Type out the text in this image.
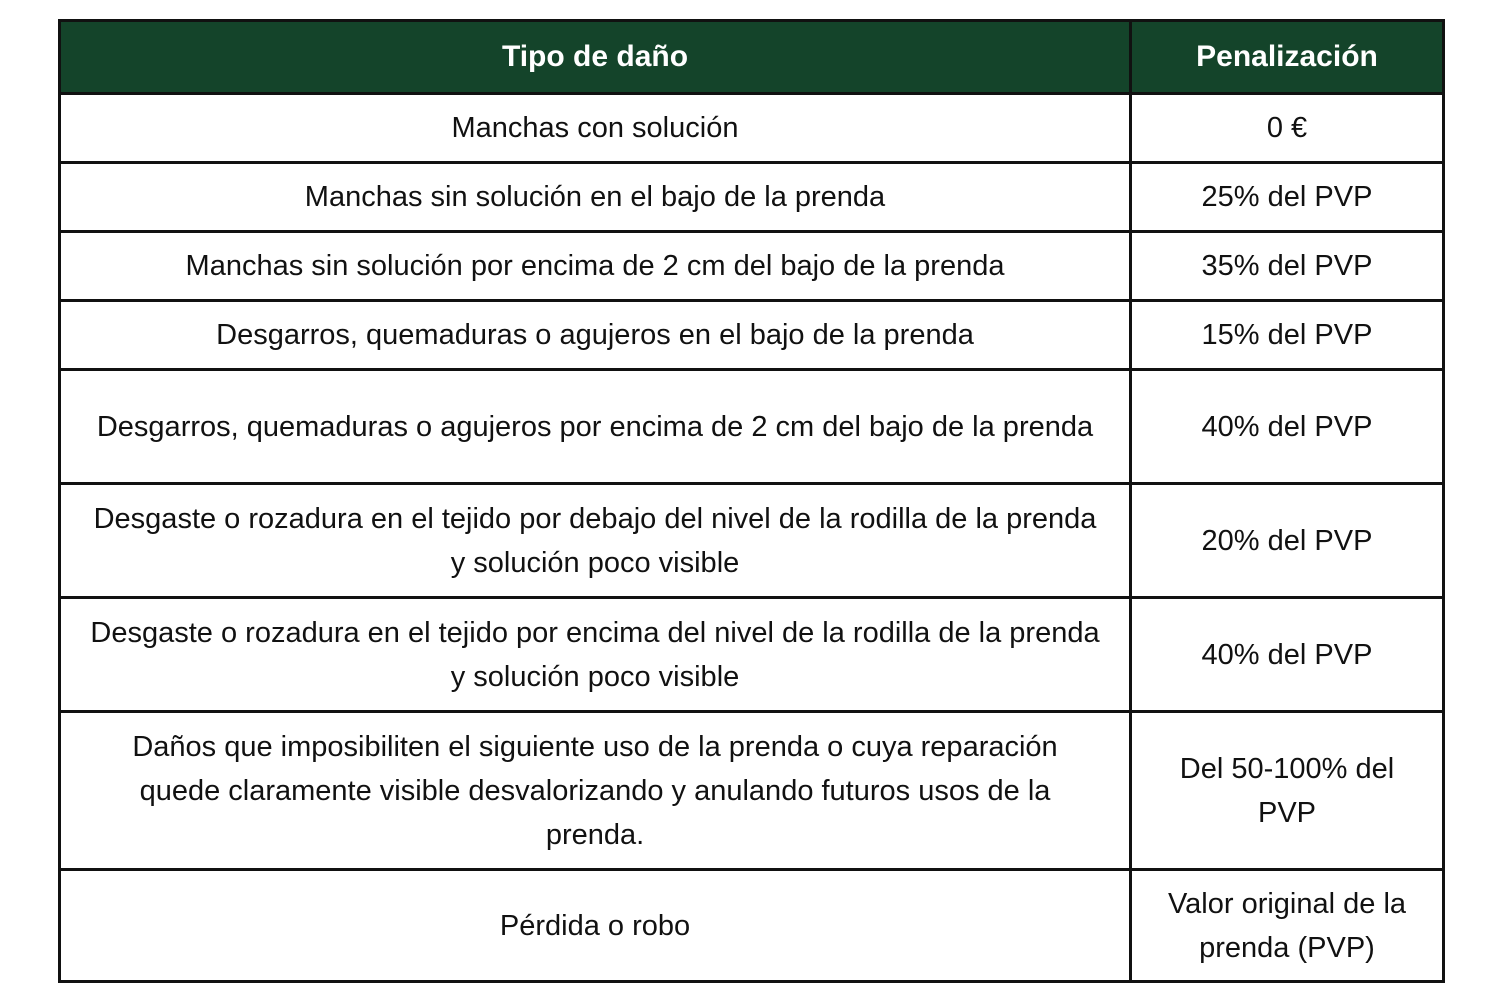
Tipo de daño	Penalización
Manchas con solución	0 €
Manchas sin solución en el bajo de la prenda	25% del PVP
Manchas sin solución por encima de 2 cm del bajo de la prenda	35% del PVP
Desgarros, quemaduras o agujeros en el bajo de la prenda	15% del PVP
Desgarros, quemaduras o agujeros por encima de 2 cm del bajo de la prenda	40% del PVP
Desgaste o rozadura en el tejido por debajo del nivel de la rodilla de la prenda y solución poco visible	20% del PVP
Desgaste o rozadura en el tejido por encima del nivel de la rodilla de la prenda y solución poco visible	40% del PVP
Daños que imposibiliten el siguiente uso de la prenda o cuya reparación quede claramente visible desvalorizando y anulando futuros usos de la prenda.	Del 50-100% del PVP
Pérdida o robo	Valor original de la prenda (PVP)
